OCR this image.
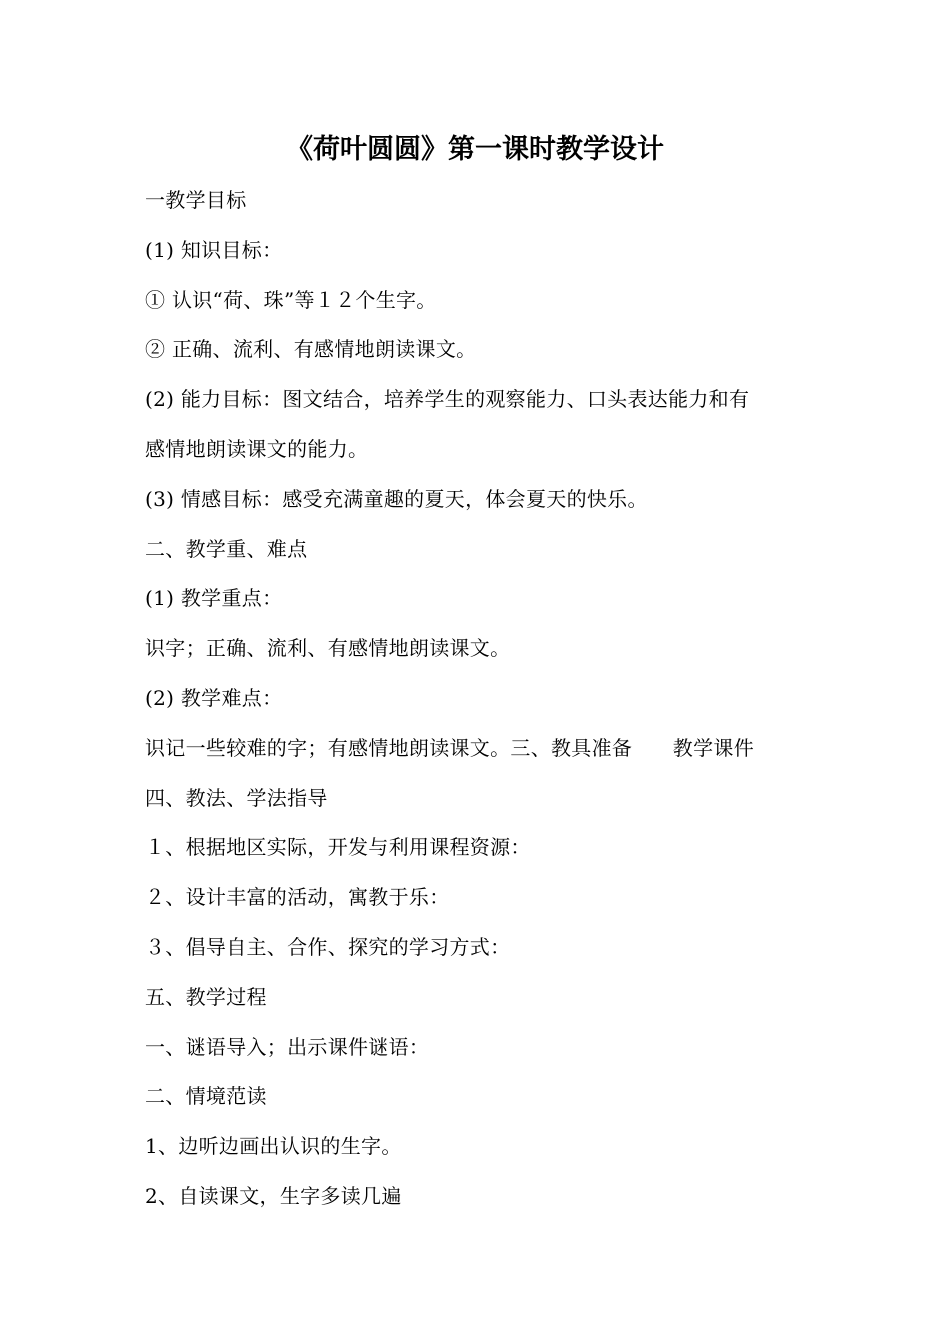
《荷叶圆圆》第一课时教学设计
一教学目标
(1) 知识目标：
① 认识“荷、珠”等１２个生字。
② 正确、流利、有感情地朗读课文。
(2) 能力目标：图文结合，培养学生的观察能力、口头表达能力和有
感情地朗读课文的能力。
(3) 情感目标：感受充满童趣的夏天，体会夏天的快乐。
二、教学重、难点
(1) 教学重点：
识字；正确、流利、有感情地朗读课文。
(2) 教学难点：
识记一些较难的字；有感情地朗读课文。三、教具准备　　教学课件
四、教法、学法指导
１、根据地区实际，开发与利用课程资源：
２、设计丰富的活动，寓教于乐：
３、倡导自主、合作、探究的学习方式：
五、教学过程
一、谜语导入；出示课件谜语：
二、情境范读
1、边听边画出认识的生字。
2、自读课文，生字多读几遍
